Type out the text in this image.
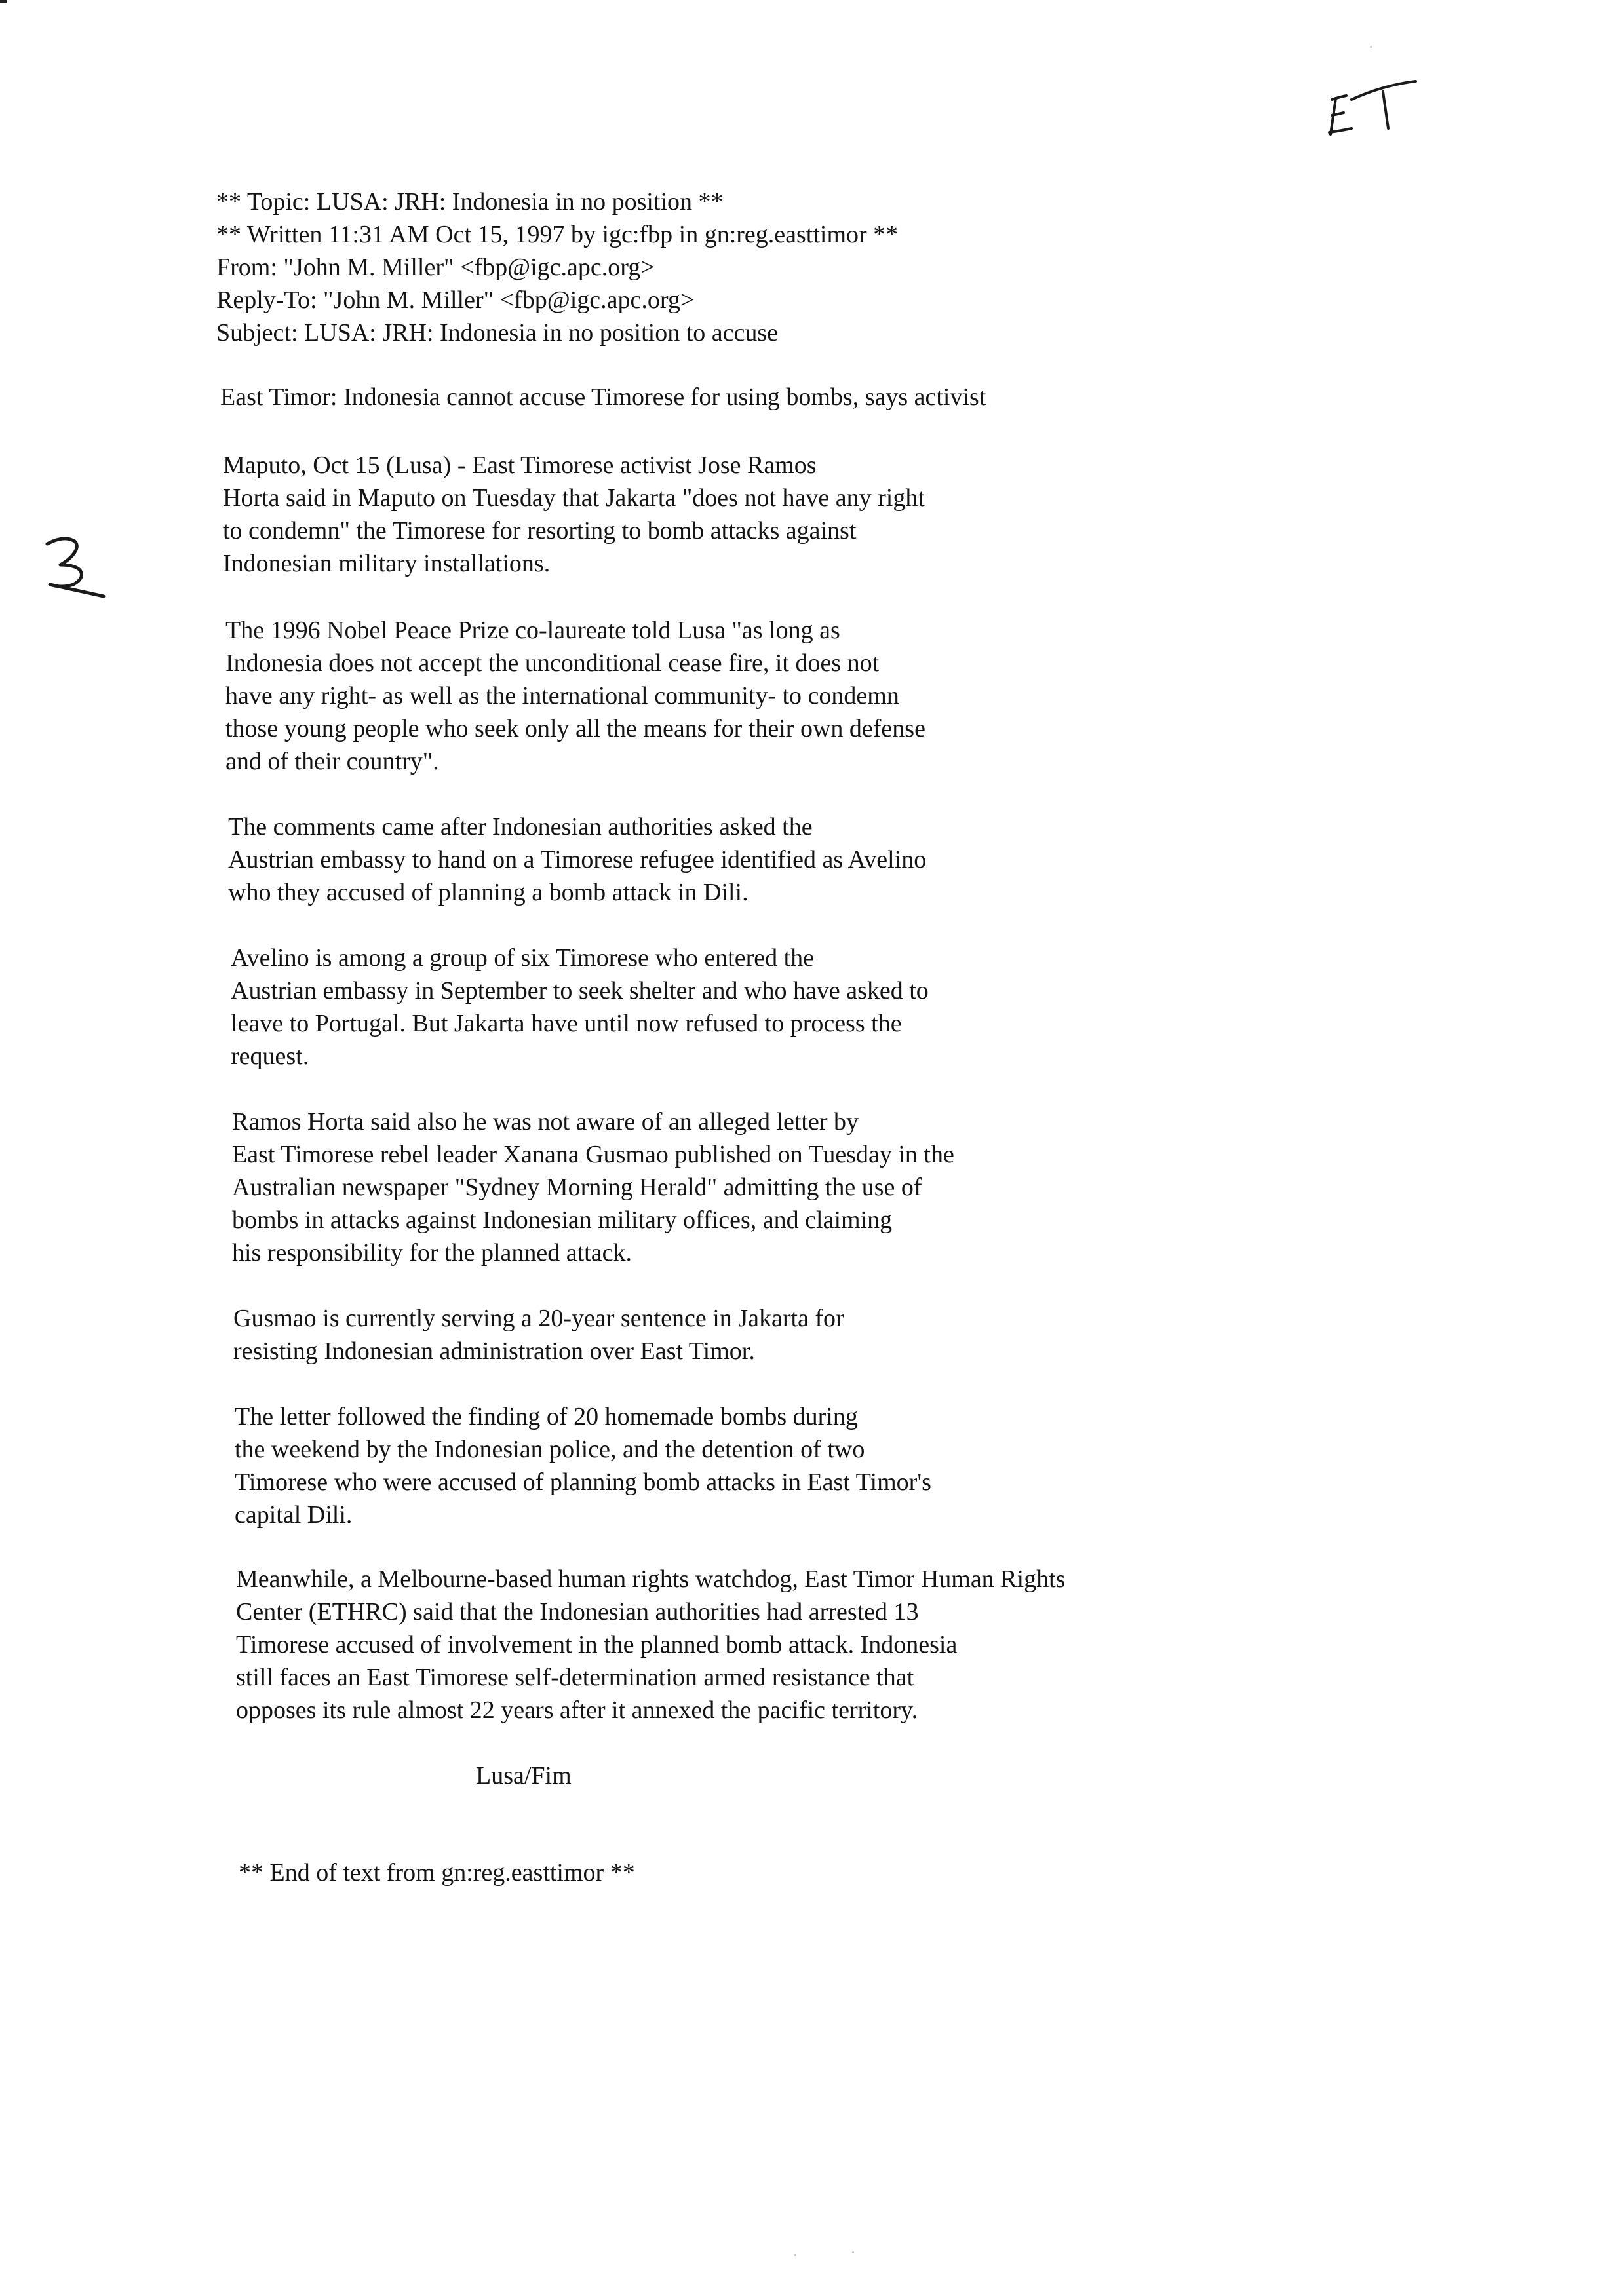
** Topic: LUSA: JRH: Indonesia in no position **
** Written 11:31 AM Oct 15, 1997 by igc:fbp in gn:reg.easttimor **
From: "John M. Miller" <fbp@igc.apc.org>
Reply-To: "John M. Miller" <fbp@igc.apc.org>
Subject: LUSA: JRH: Indonesia in no position to accuse
East Timor: Indonesia cannot accuse Timorese for using bombs, says activist
Maputo, Oct 15 (Lusa) - East Timorese activist Jose Ramos
Horta said in Maputo on Tuesday that Jakarta "does not have any right
to condemn" the Timorese for resorting to bomb attacks against
Indonesian military installations.
The 1996 Nobel Peace Prize co-laureate told Lusa "as long as
Indonesia does not accept the unconditional cease fire, it does not
have any right- as well as the international community- to condemn
those young people who seek only all the means for their own defense
and of their country".
The comments came after Indonesian authorities asked the
Austrian embassy to hand on a Timorese refugee identified as Avelino
who they accused of planning a bomb attack in Dili.
Avelino is among a group of six Timorese who entered the
Austrian embassy in September to seek shelter and who have asked to
leave to Portugal. But Jakarta have until now refused to process the
request.
Ramos Horta said also he was not aware of an alleged letter by
East Timorese rebel leader Xanana Gusmao published on Tuesday in the
Australian newspaper "Sydney Morning Herald" admitting the use of
bombs in attacks against Indonesian military offices, and claiming
his responsibility for the planned attack.
Gusmao is currently serving a 20-year sentence in Jakarta for
resisting Indonesian administration over East Timor.
The letter followed the finding of 20 homemade bombs during
the weekend by the Indonesian police, and the detention of two
Timorese who were accused of planning bomb attacks in East Timor's
capital Dili.
Meanwhile, a Melbourne-based human rights watchdog, East Timor Human Rights
Center (ETHRC) said that the Indonesian authorities had arrested 13
Timorese accused of involvement in the planned bomb attack. Indonesia
still faces an East Timorese self-determination armed resistance that
opposes its rule almost 22 years after it annexed the pacific territory.
Lusa/Fim
** End of text from gn:reg.easttimor **
